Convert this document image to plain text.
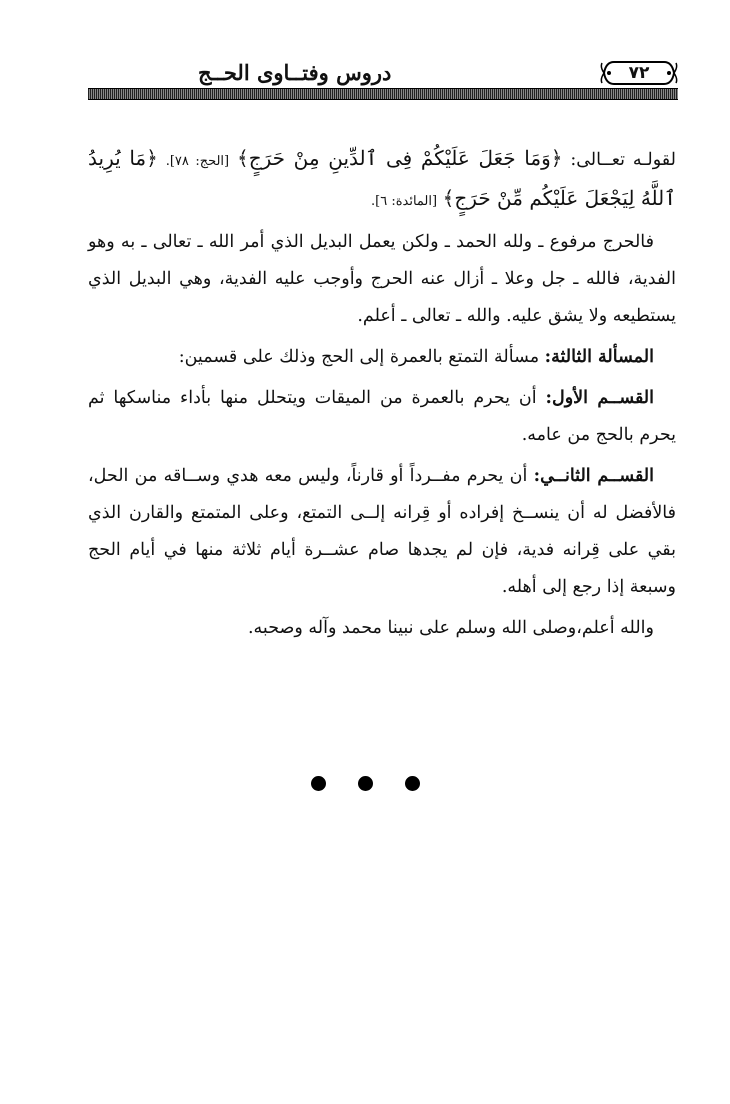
دروس وفتــاوى الحــج	٧٢

لقولـه تعــالى: ﴿وَمَا جَعَلَ عَلَيْكُمْ فِى ٱلدِّينِ مِنْ حَرَجٍ﴾ [الحج: ٧٨]. ﴿مَا يُرِيدُ ٱللَّهُ لِيَجْعَلَ عَلَيْكُم مِّنْ حَرَجٍ﴾ [المائدة: ٦].

فالحرج مرفوع ـ ولله الحمد ـ ولكن يعمل البديل الذي أمر الله ـ تعالى ـ به وهو الفدية، فالله ـ جل وعلا ـ أزال عنه الحرج وأوجب عليه الفدية، وهي البديل الذي يستطيعه ولا يشق عليه. والله ـ تعالى ـ أعلم.

المسألة الثالثة: مسألة التمتع بالعمرة إلى الحج وذلك على قسمين:

القســم الأول: أن يحرم بالعمرة من الميقات ويتحلل منها بأداء مناسكها ثم يحرم بالحج من عامه.

القســم الثانــي: أن يحرم مفــرداً أو قارناً، وليس معه هدي وســاقه من الحل، فالأفضل له أن ينســخ إفراده أو قِرانه إلــى التمتع، وعلى المتمتع والقارن الذي بقي على قِرانه فدية، فإن لم يجدها صام عشــرة أيام ثلاثة منها في أيام الحج وسبعة إذا رجع إلى أهله.

والله أعلم،وصلى الله وسلم على نبينا محمد وآله وصحبه.
